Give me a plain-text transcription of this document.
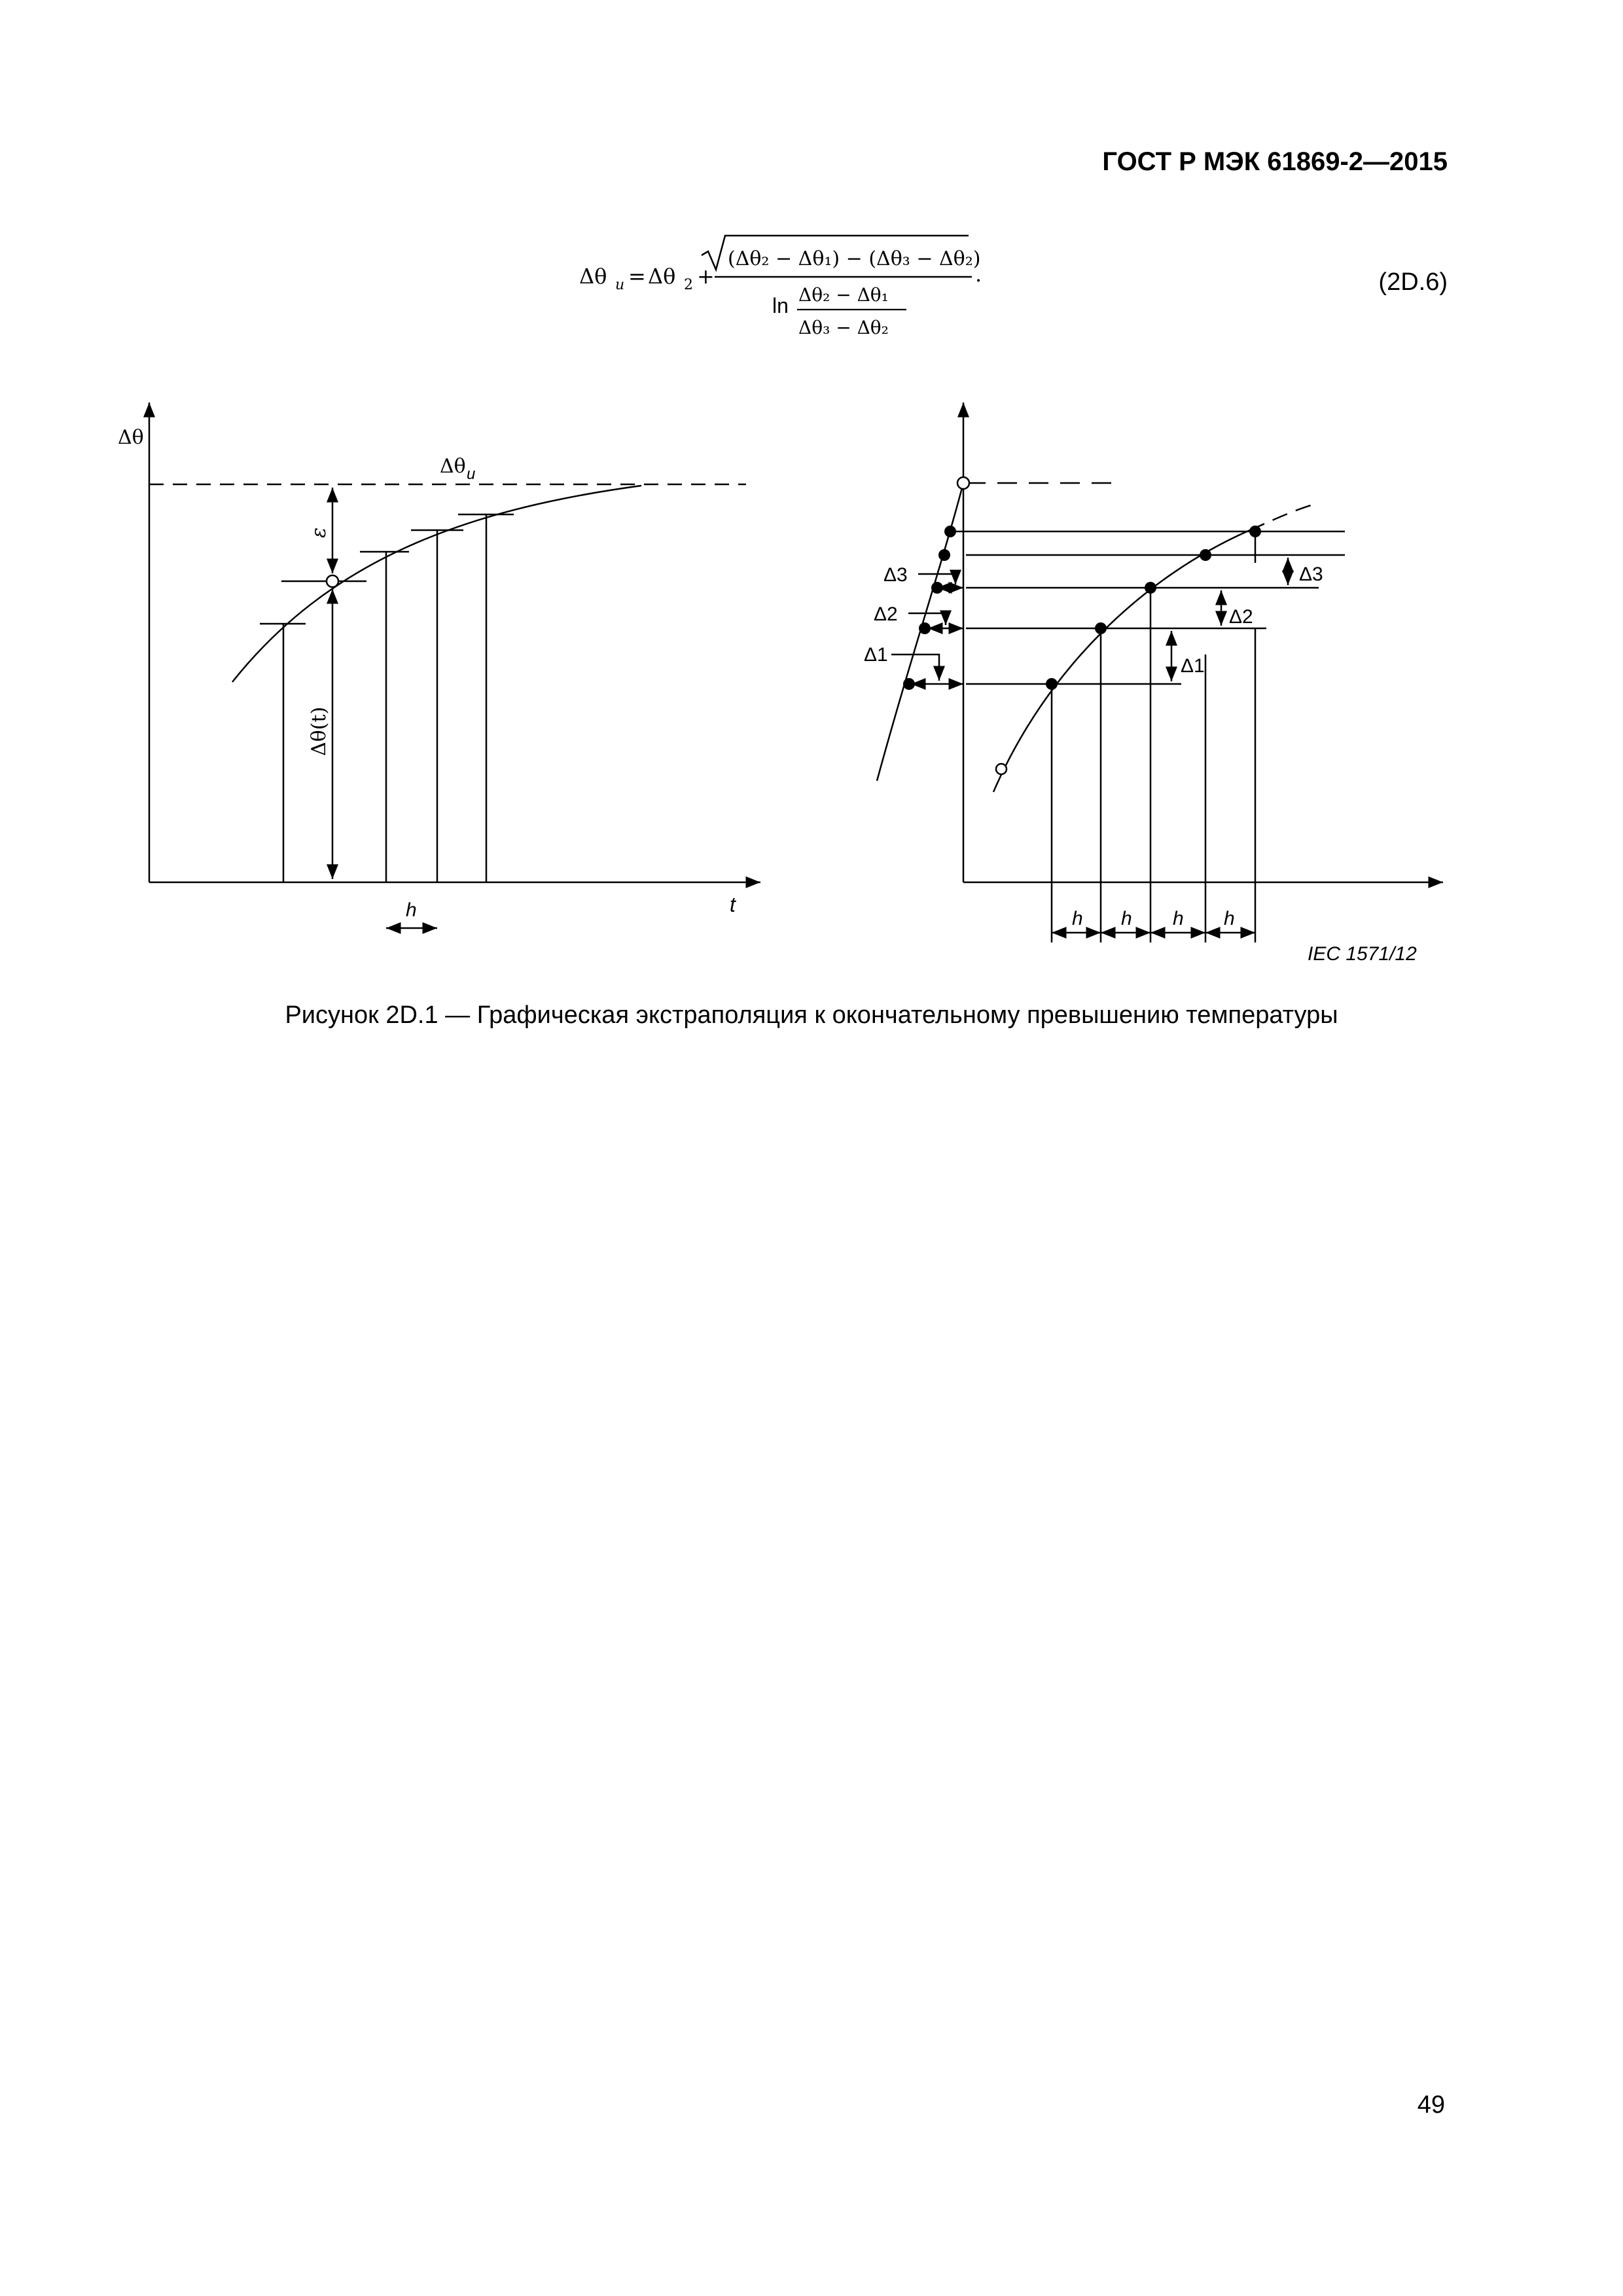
ГОСТ Р МЭК 61869-2—2015
Δθ u = Δθ 2 +
(Δθ₂ − Δθ₁) − (Δθ₃ − Δθ₂)
ln Δθ₂ − Δθ₁
Δθ₃ − Δθ₂
.
Δθ
Δθ u
ε
Δθ(t)
t
h
Δ3
Δ2
Δ1
Δ3
Δ2
Δ1
h h h h
IEC 1571/12
(2D.6)
Рисунок 2D.1 — Графическая экстраполяция к окончательному превышению температуры
49
